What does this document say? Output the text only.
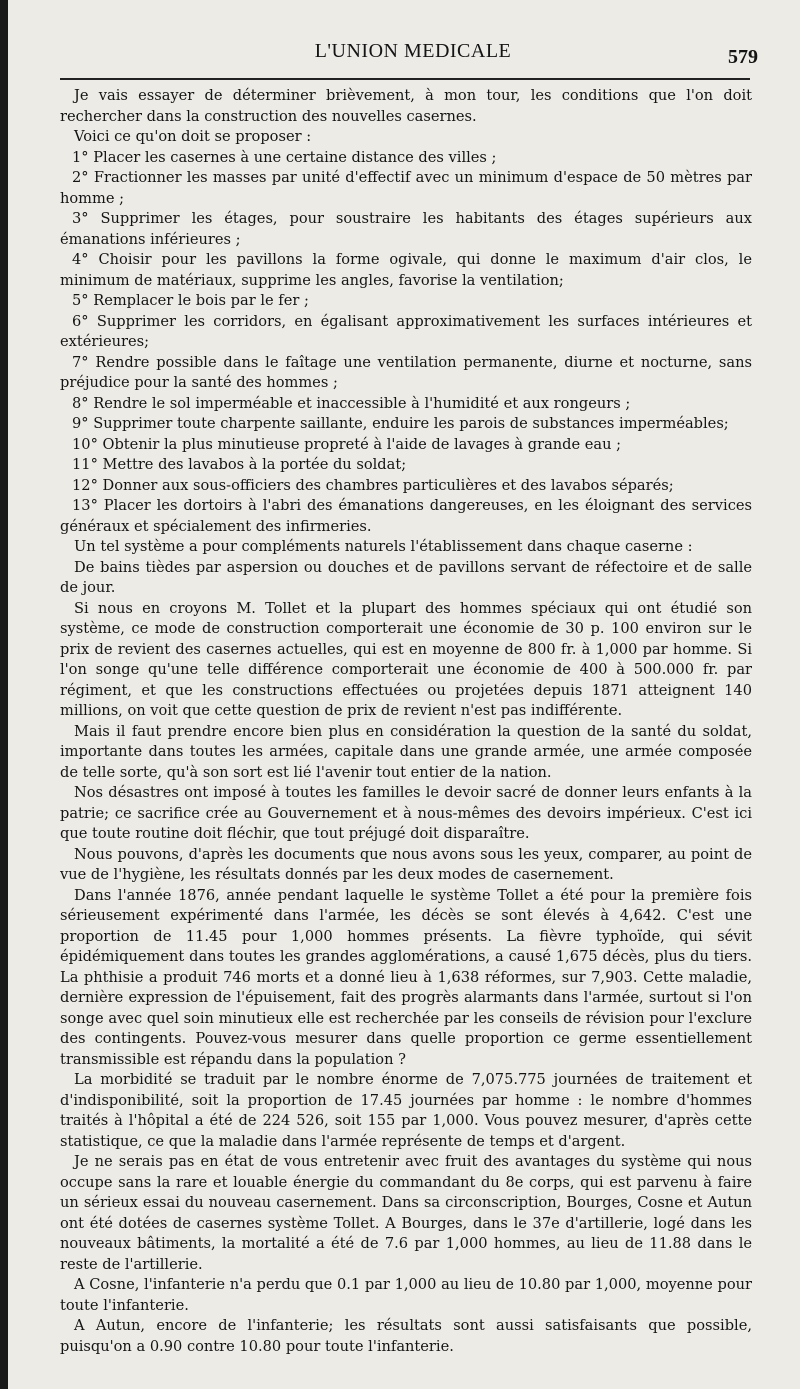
L'UNION MEDICALE	579

Je vais essayer de déterminer brièvement, à mon tour, les conditions que l'on doit rechercher dans la construction des nouvelles casernes.

Voici ce qu'on doit se proposer :

1° Placer les casernes à une certaine distance des villes ;

2° Fractionner les masses par unité d'effectif avec un minimum d'espace de 50 mètres par homme ;

3° Supprimer les étages, pour soustraire les habitants des étages supérieurs aux émanations inférieures ;

4° Choisir pour les pavillons la forme ogivale, qui donne le maximum d'air clos, le minimum de matériaux, supprime les angles, favorise la ventilation;

5° Remplacer le bois par le fer ;

6° Supprimer les corridors, en égalisant approximativement les surfaces intérieures et extérieures;

7° Rendre possible dans le faîtage une ventilation permanente, diurne et nocturne, sans préjudice pour la santé des hommes ;

8° Rendre le sol imperméable et inaccessible à l'humidité et aux rongeurs ;

9° Supprimer toute charpente saillante, enduire les parois de substances imperméables;

10° Obtenir la plus minutieuse propreté à l'aide de lavages à grande eau ;

11° Mettre des lavabos à la portée du soldat;

12° Donner aux sous-officiers des chambres particulières et des lavabos séparés;

13° Placer les dortoirs à l'abri des émanations dangereuses, en les éloignant des services généraux et spécialement des infirmeries.

Un tel système a pour compléments naturels l'établissement dans chaque caserne :

De bains tièdes par aspersion ou douches et de pavillons servant de réfectoire et de salle de jour.

Si nous en croyons M. Tollet et la plupart des hommes spéciaux qui ont étudié son système, ce mode de construction comporterait une économie de 30 p. 100 environ sur le prix de revient des casernes actuelles, qui est en moyenne de 800 fr. à 1,000 par homme. Si l'on songe qu'une telle différence comporterait une économie de 400 à 500.000 fr. par régiment, et que les constructions effectuées ou projetées depuis 1871 atteignent 140 millions, on voit que cette question de prix de revient n'est pas indifférente.

Mais il faut prendre encore bien plus en considération la question de la santé du soldat, importante dans toutes les armées, capitale dans une grande armée, une armée composée de telle sorte, qu'à son sort est lié l'avenir tout entier de la nation.

Nos désastres ont imposé à toutes les familles le devoir sacré de donner leurs enfants à la patrie; ce sacrifice crée au Gouvernement et à nous-mêmes des devoirs impérieux. C'est ici que toute routine doit fléchir, que tout préjugé doit disparaître.

Nous pouvons, d'après les documents que nous avons sous les yeux, comparer, au point de vue de l'hygiène, les résultats donnés par les deux modes de casernement.

Dans l'année 1876, année pendant laquelle le système Tollet a été pour la première fois sérieusement expérimenté dans l'armée, les décès se sont élevés à 4,642. C'est une proportion de 11.45 pour 1,000 hommes présents. La fièvre typhoïde, qui sévit épidémiquement dans toutes les grandes agglomérations, a causé 1,675 décès, plus du tiers. La phthisie a produit 746 morts et a donné lieu à 1,638 réformes, sur 7,903. Cette maladie, dernière expression de l'épuisement, fait des progrès alarmants dans l'armée, surtout si l'on songe avec quel soin minutieux elle est recherchée par les conseils de révision pour l'exclure des contingents. Pouvez-vous mesurer dans quelle proportion ce germe essentiellement transmissible est répandu dans la population ?

La morbidité se traduit par le nombre énorme de 7,075.775 journées de traitement et d'indisponibilité, soit la proportion de 17.45 journées par homme : le nombre d'hommes traités à l'hôpital a été de 224 526, soit 155 par 1,000. Vous pouvez mesurer, d'après cette statistique, ce que la maladie dans l'armée représente de temps et d'argent.

Je ne serais pas en état de vous entretenir avec fruit des avantages du système qui nous occupe sans la rare et louable énergie du commandant du 8e corps, qui est parvenu à faire un sérieux essai du nouveau casernement. Dans sa circonscription, Bourges, Cosne et Autun ont été dotées de casernes système Tollet. A Bourges, dans le 37e d'artillerie, logé dans les nouveaux bâtiments, la mortalité a été de 7.6 par 1,000 hommes, au lieu de 11.88 dans le reste de l'artillerie.

A Cosne, l'infanterie n'a perdu que 0.1 par 1,000 au lieu de 10.80 par 1,000, moyenne pour toute l'infanterie.

A Autun, encore de l'infanterie; les résultats sont aussi satisfaisants que possible, puisqu'on a 0.90 contre 10.80 pour toute l'infanterie.
